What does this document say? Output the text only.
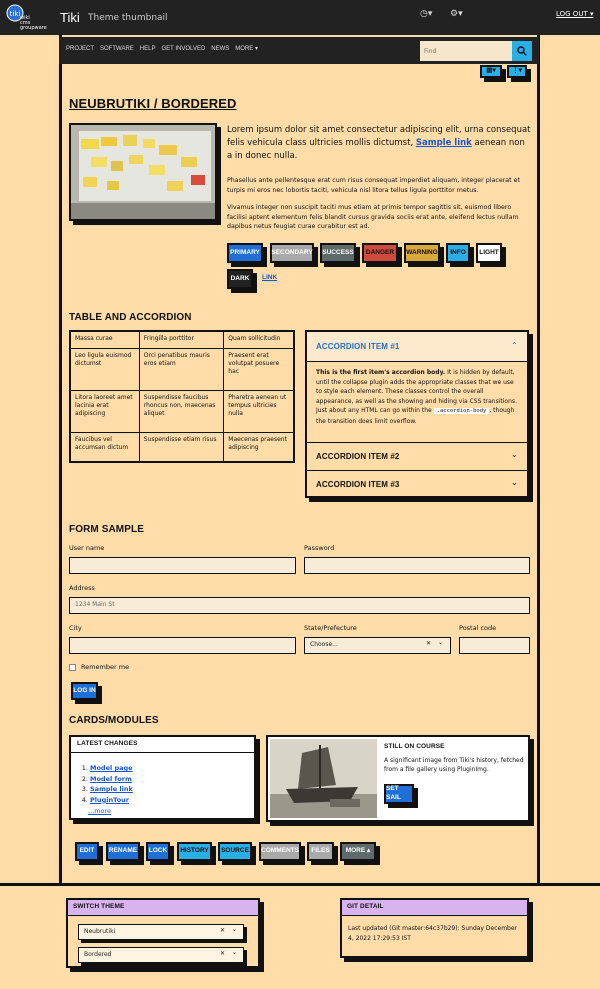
tiki wiki
cms
groupware
Tiki Theme thumbnail	◷▾ ⚙▾	LOG OUT ▾
PROJECT SOFTWARE HELP GET INVOLVED NEWS MORE ▾
Find
▤▾	⋮▾
NEUBRUTIKI / BORDERED
Lorem ipsum dolor sit amet consectetur adipiscing elit, urna consequat felis vehicula class ultricies mollis dictumst, Sample link aenean non a in donec nulla.
Phasellus ante pellentesque erat cum risus consequat imperdiet aliquam, integer placerat et turpis mi eros nec lobortis taciti, vehicula nisl litora tellus ligula porttitor metus.
Vivamus integer non suscipit taciti mus etiam at primis tempor sagittis sit, euismod libero facilisi aptent elementum felis blandit cursus gravida sociis erat ante, eleifend lectus nullam dapibus netus feugiat curae curabitur est ad.
PRIMARY	SECONDARY	SUCCESS	DANGER	WARNING	INFO	LIGHT
DARK	LINK
TABLE AND ACCORDION
Massa curae	Fringilla porttitor	Quam sollicitudin
Leo ligula euismod dictumst	Orci penatibus mauris eros etiam	Praesent erat volutpat posuere hac
Litora laoreet amet lacinia erat adipiscing	Suspendisse faucibus rhoncus non, maecenas aliquet	Pharetra aenean ut tempus ultricies nulla
Faucibus vel accumsan dictum	Suspendisse etiam risus	Maecenas praesent adipiscing
ACCORDION ITEM #1	⌃
This is the first item's accordion body. It is hidden by default, until the collapse plugin adds the appropriate classes that we use to style each element. These classes control the overall appearance, as well as the showing and hiding via CSS transitions. Just about any HTML can go within the .accordion-body , though the transition does limit overflow.
ACCORDION ITEM #2	⌄
ACCORDION ITEM #3	⌄
FORM SAMPLE
User name	Password
Address
1234 Main St
City	State/Prefecture
Choose...	✕ ⌄
Postal code
Remember me
LOG IN
CARDS/MODULES
LATEST CHANGES
1. Model page
2. Model form
3. Sample link
4. PluginTour
...more
STILL ON COURSE
A significant image from Tiki's history, fetched from a file gallery using PluginImg.
SET SAIL
EDIT	RENAME	LOCK	HISTORY	SOURCE	COMMENTS	FILES	MORE ▴
SWITCH THEME
Neubrutiki	✕ ⌄
Bordered	✕ ⌄
GIT DETAIL
Last updated (Git master:64c37b29): Sunday December 4, 2022 17:29:53 IST
